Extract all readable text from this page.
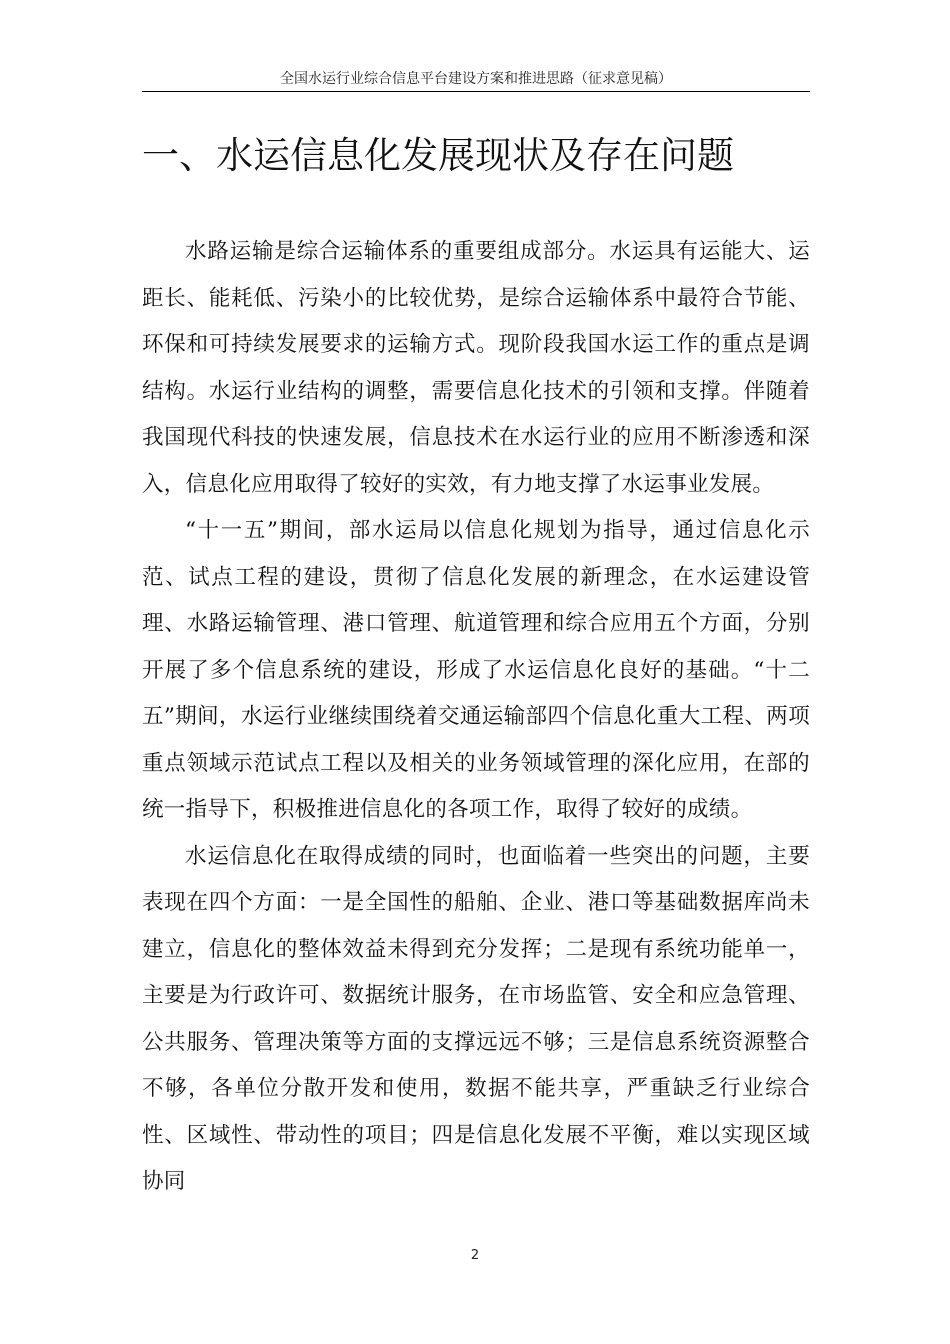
全国水运行业综合信息平台建设方案和推进思路（征求意见稿）
一、水运信息化发展现状及存在问题

水路运输是综合运输体系的重要组成部分。水运具有运能大、运距长、能耗低、污染小的比较优势，是综合运输体系中最符合节能、环保和可持续发展要求的运输方式。现阶段我国水运工作的重点是调结构。水运行业结构的调整，需要信息化技术的引领和支撑。伴随着我国现代科技的快速发展，信息技术在水运行业的应用不断渗透和深入，信息化应用取得了较好的实效，有力地支撑了水运事业发展。

“十一五”期间，部水运局以信息化规划为指导，通过信息化示范、试点工程的建设，贯彻了信息化发展的新理念，在水运建设管理、水路运输管理、港口管理、航道管理和综合应用五个方面，分别开展了多个信息系统的建设，形成了水运信息化良好的基础。“十二五”期间，水运行业继续围绕着交通运输部四个信息化重大工程、两项重点领域示范试点工程以及相关的业务领域管理的深化应用，在部的统一指导下，积极推进信息化的各项工作，取得了较好的成绩。

水运信息化在取得成绩的同时，也面临着一些突出的问题，主要表现在四个方面：一是全国性的船舶、企业、港口等基础数据库尚未建立，信息化的整体效益未得到充分发挥；二是现有系统功能单一，主要是为行政许可、数据统计服务，在市场监管、安全和应急管理、公共服务、管理决策等方面的支撑远远不够；三是信息系统资源整合不够，各单位分散开发和使用，数据不能共享，严重缺乏行业综合性、区域性、带动性的项目；四是信息化发展不平衡，难以实现区域协同

2
